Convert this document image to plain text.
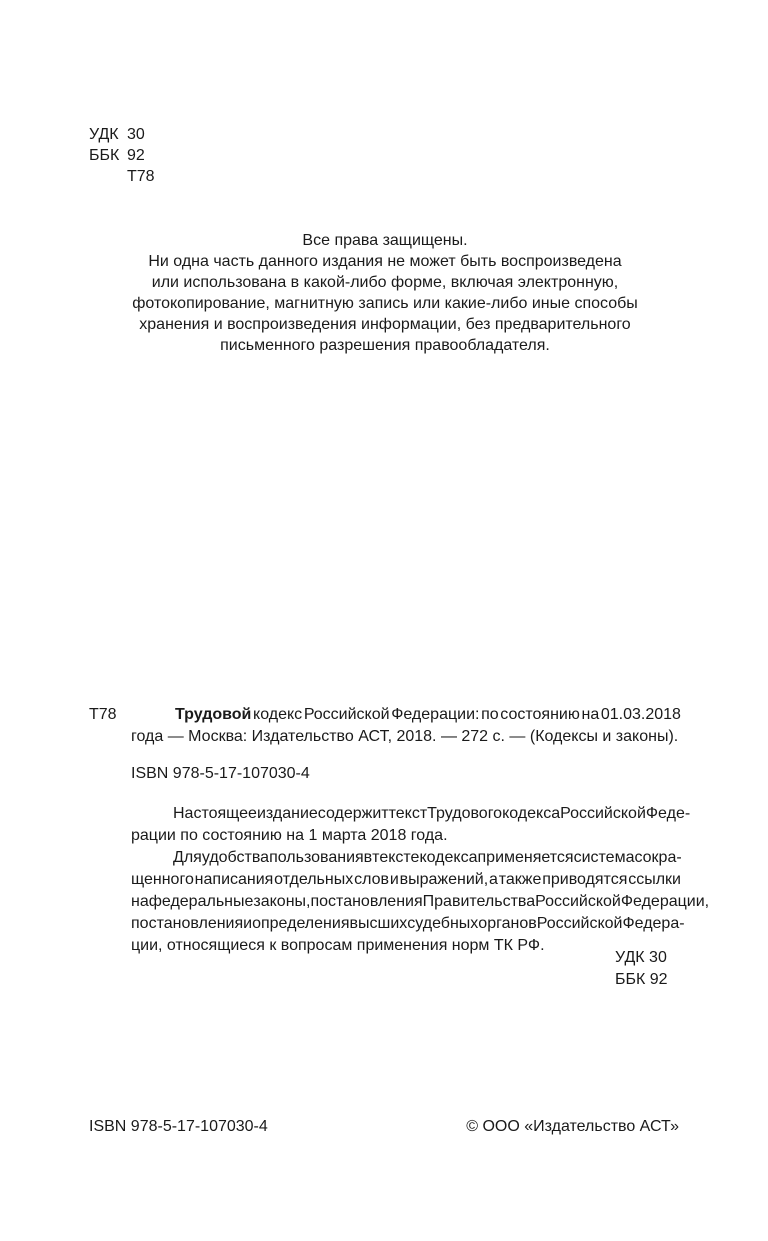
УДК 30
ББК 92
Т78
Все права защищены.
Ни одна часть данного издания не может быть воспроизведена
или использована в какой-либо форме, включая электронную,
фотокопирование, магнитную запись или какие-либо иные способы
хранения и воспроизведения информации, без предварительного
письменного разрешения правообладателя.
Т78	Трудовой кодекс Российской Федерации: по состоянию на 01.03.2018
года — Москва: Издательство АСТ, 2018. — 272 с. — (Кодексы и законы).
ISBN 978-5-17-107030-4
Настоящее издание содержит текст Трудового кодекса Российской Феде-
рации по состоянию на 1 марта 2018 года.
Для удобства пользования в тексте кодекса применяется система сокра-
щенного написания отдельных слов и выражений, а также приводятся ссылки
на федеральные законы, постановления Правительства Российской Федерации,
постановления и определения высших судебных органов Российской Федера-
ции, относящиеся к вопросам применения норм ТК РФ.
УДК 30
ББК 92
ISBN 978-5-17-107030-4	© ООО «Издательство АСТ»
